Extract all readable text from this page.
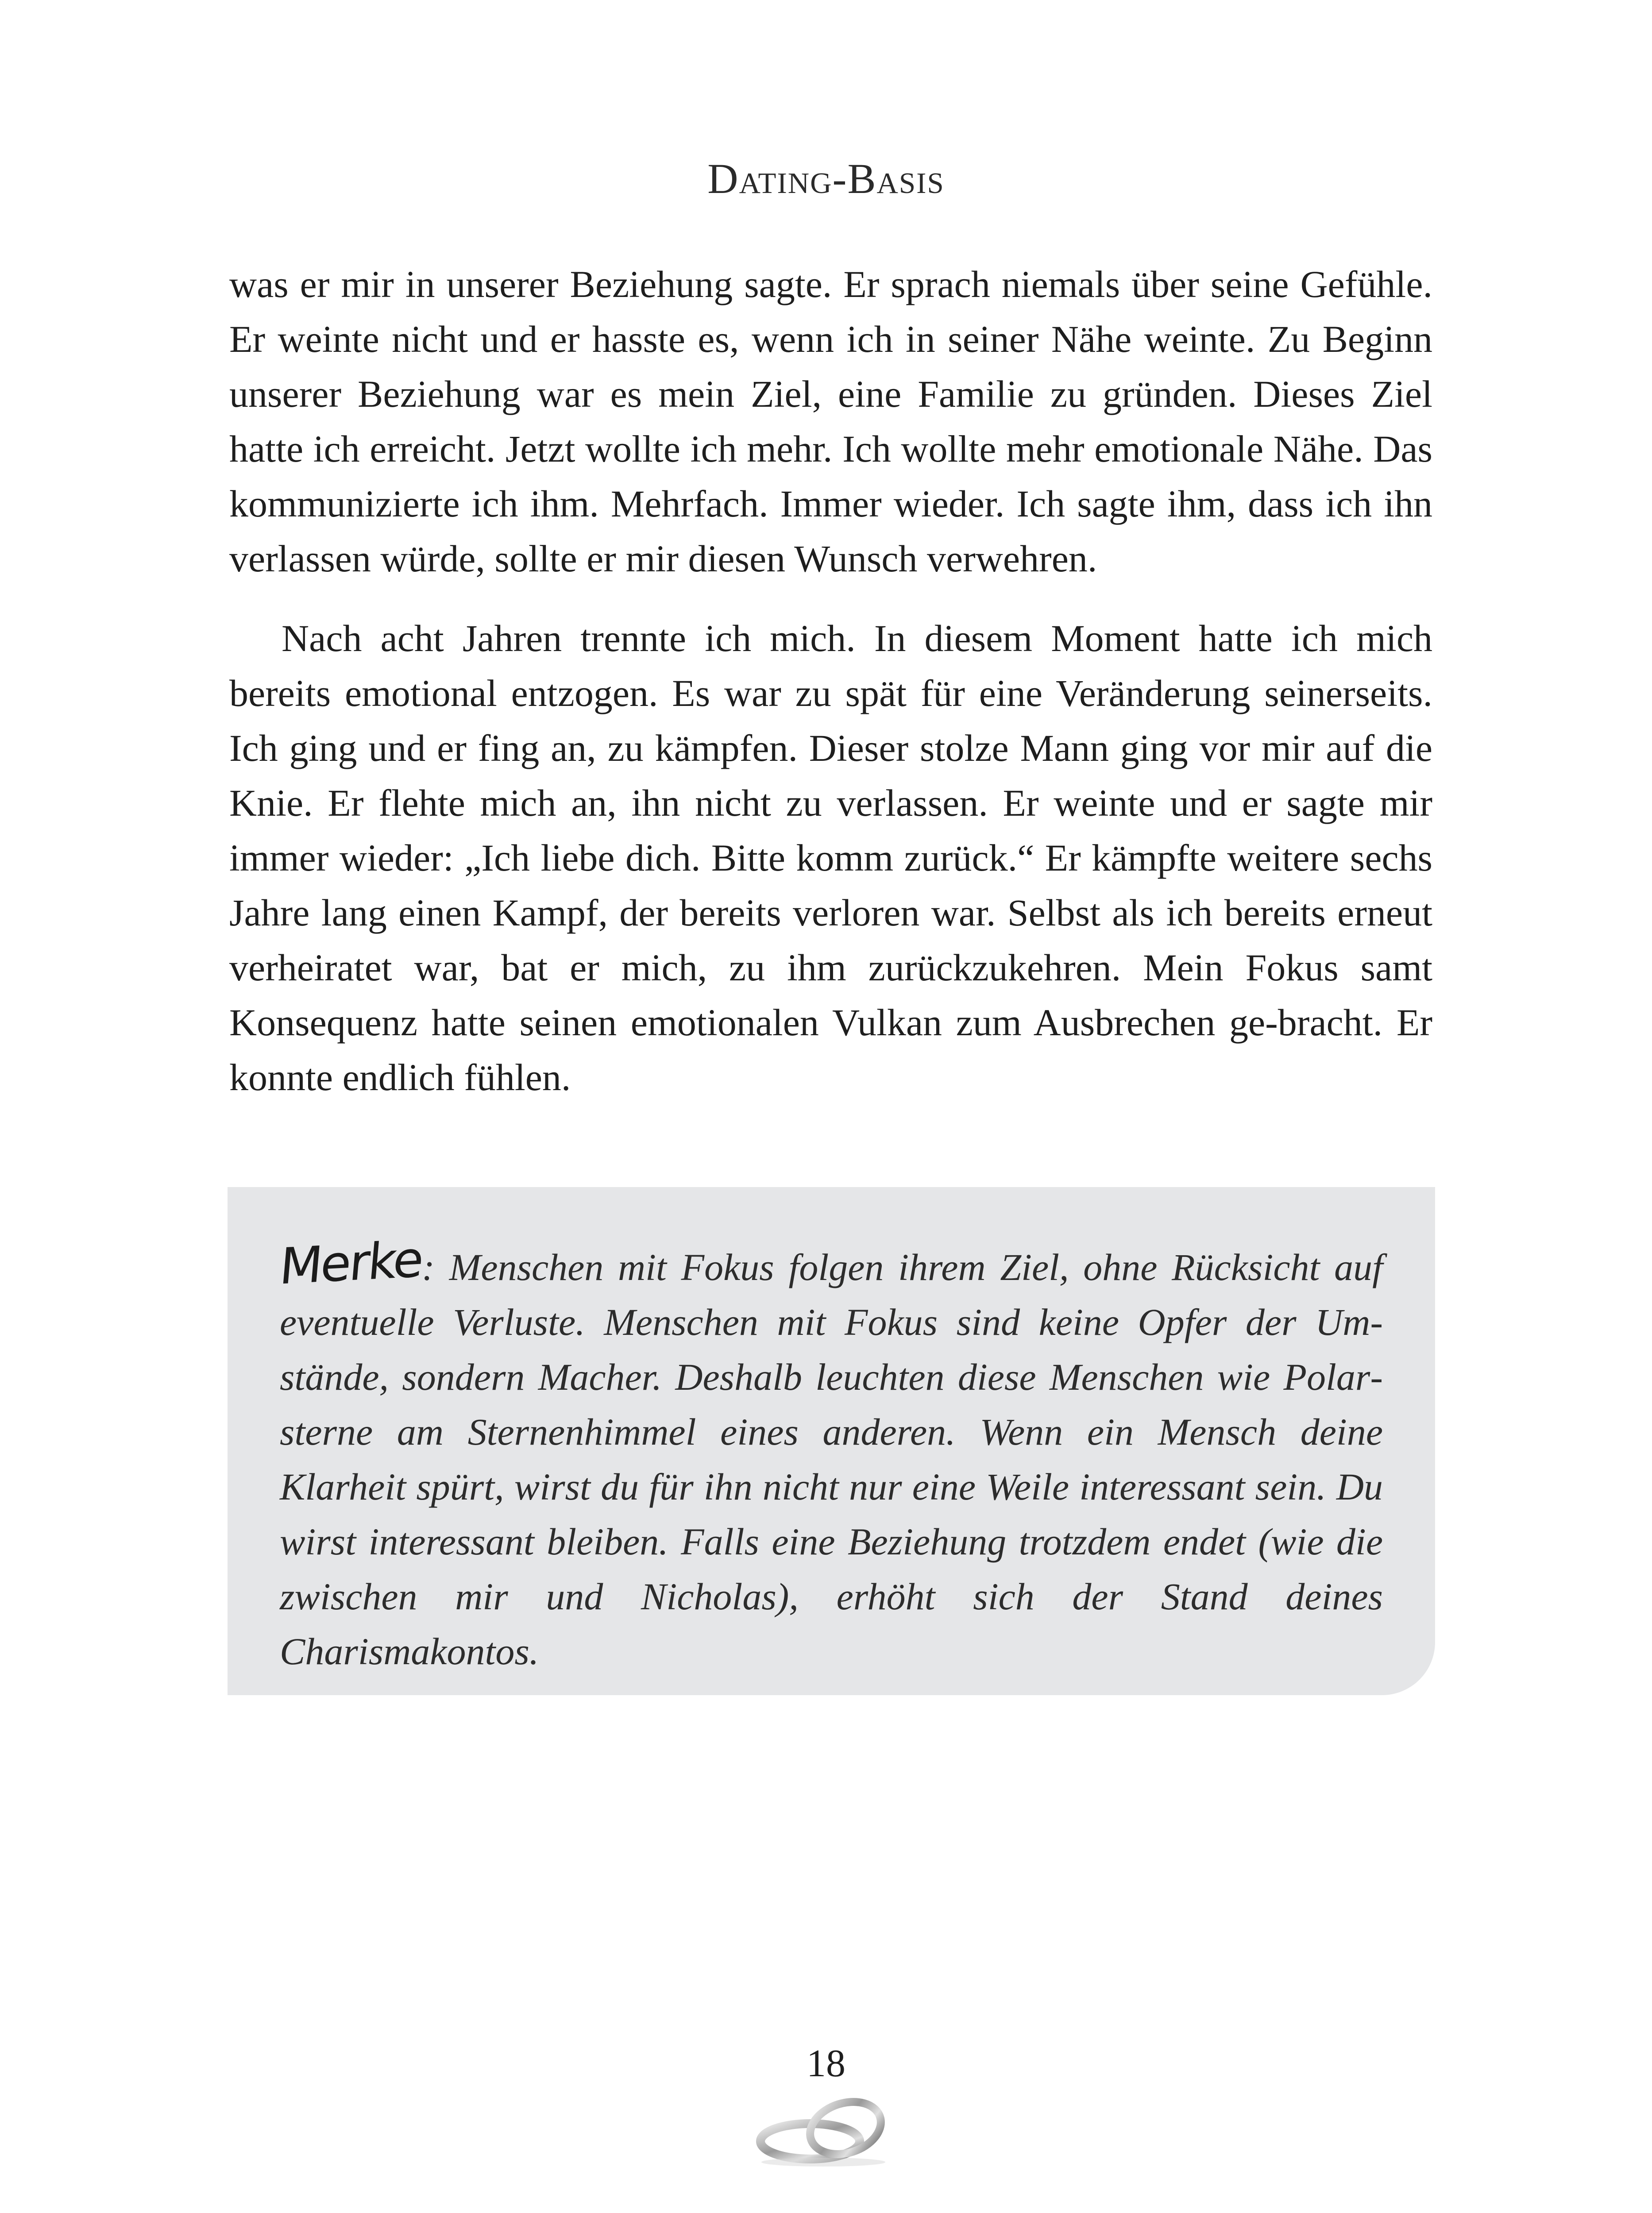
Dating-Basis

was er mir in unserer Beziehung sagte. Er sprach niemals über seine Gefühle. Er weinte nicht und er hasste es, wenn ich in seiner Nähe weinte. Zu Beginn unserer Beziehung war es mein Ziel, eine Familie zu gründen. Dieses Ziel hatte ich erreicht. Jetzt wollte ich mehr. Ich wollte mehr emotionale Nähe. Das kommunizierte ich ihm. Mehrfach. Immer wieder. Ich sagte ihm, dass ich ihn verlassen würde, sollte er mir diesen Wunsch verwehren.

Nach acht Jahren trennte ich mich. In diesem Moment hatte ich mich bereits emotional entzogen. Es war zu spät für eine Veränderung seinerseits. Ich ging und er fing an, zu kämpfen. Dieser stolze Mann ging vor mir auf die Knie. Er flehte mich an, ihn nicht zu verlassen. Er weinte und er sagte mir immer wieder: „Ich liebe dich. Bitte komm zurück.“ Er kämpfte weitere sechs Jahre lang einen Kampf, der bereits verloren war. Selbst als ich bereits erneut verheiratet war, bat er mich, zu ihm zurückzukehren. Mein Fokus samt Konsequenz hatte seinen emotionalen Vulkan zum Ausbrechen ge-bracht. Er konnte endlich fühlen.

Merke: Menschen mit Fokus folgen ihrem Ziel, ohne Rücksicht auf eventuelle Verluste. Menschen mit Fokus sind keine Opfer der Umstände, sondern Macher. Deshalb leuchten diese Menschen wie Polarsterne am Sternenhimmel eines anderen. Wenn ein Mensch deine Klarheit spürt, wirst du für ihn nicht nur eine Weile interessant sein. Du wirst interessant bleiben. Falls eine Beziehung trotzdem endet (wie die zwischen mir und Nicholas), erhöht sich der Stand deines Charismakontos.
18
